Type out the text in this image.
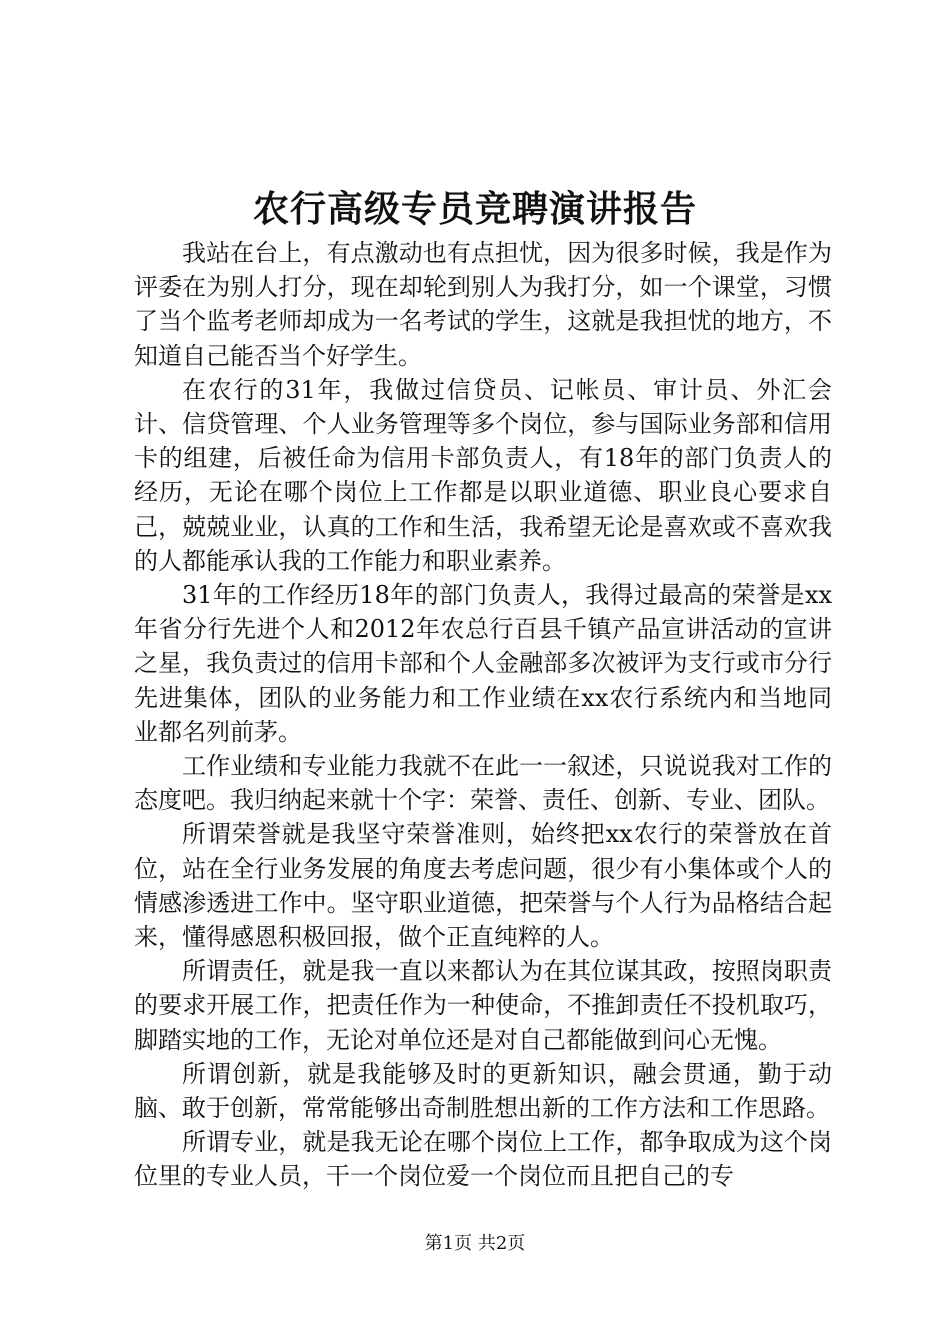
农行高级专员竞聘演讲报告

我站在台上，有点激动也有点担忧，因为很多时候，我是作为评委在为别人打分，现在却轮到别人为我打分，如一个课堂，习惯了当个监考老师却成为一名考试的学生，这就是我担忧的地方，不知道自己能否当个好学生。

在农行的31年，我做过信贷员、记帐员、审计员、外汇会计、信贷管理、个人业务管理等多个岗位，参与国际业务部和信用卡的组建，后被任命为信用卡部负责人，有18年的部门负责人的经历，无论在哪个岗位上工作都是以职业道德、职业良心要求自己，兢兢业业，认真的工作和生活，我希望无论是喜欢或不喜欢我的人都能承认我的工作能力和职业素养。

31年的工作经历18年的部门负责人，我得过最高的荣誉是xx年省分行先进个人和2012年农总行百县千镇产品宣讲活动的宣讲之星，我负责过的信用卡部和个人金融部多次被评为支行或市分行先进集体，团队的业务能力和工作业绩在xx农行系统内和当地同业都名列前茅。

工作业绩和专业能力我就不在此一一叙述，只说说我对工作的态度吧。我归纳起来就十个字：荣誉、责任、创新、专业、团队。

所谓荣誉就是我坚守荣誉准则，始终把xx农行的荣誉放在首位，站在全行业务发展的角度去考虑问题，很少有小集体或个人的情感渗透进工作中。坚守职业道德，把荣誉与个人行为品格结合起来，懂得感恩积极回报，做个正直纯粹的人。

所谓责任，就是我一直以来都认为在其位谋其政，按照岗职责的要求开展工作，把责任作为一种使命，不推卸责任不投机取巧，脚踏实地的工作，无论对单位还是对自己都能做到问心无愧。

所谓创新，就是我能够及时的更新知识，融会贯通，勤于动脑、敢于创新，常常能够出奇制胜想出新的工作方法和工作思路。

所谓专业，就是我无论在哪个岗位上工作，都争取成为这个岗位里的专业人员，干一个岗位爱一个岗位而且把自己的专

第1页 共2页
